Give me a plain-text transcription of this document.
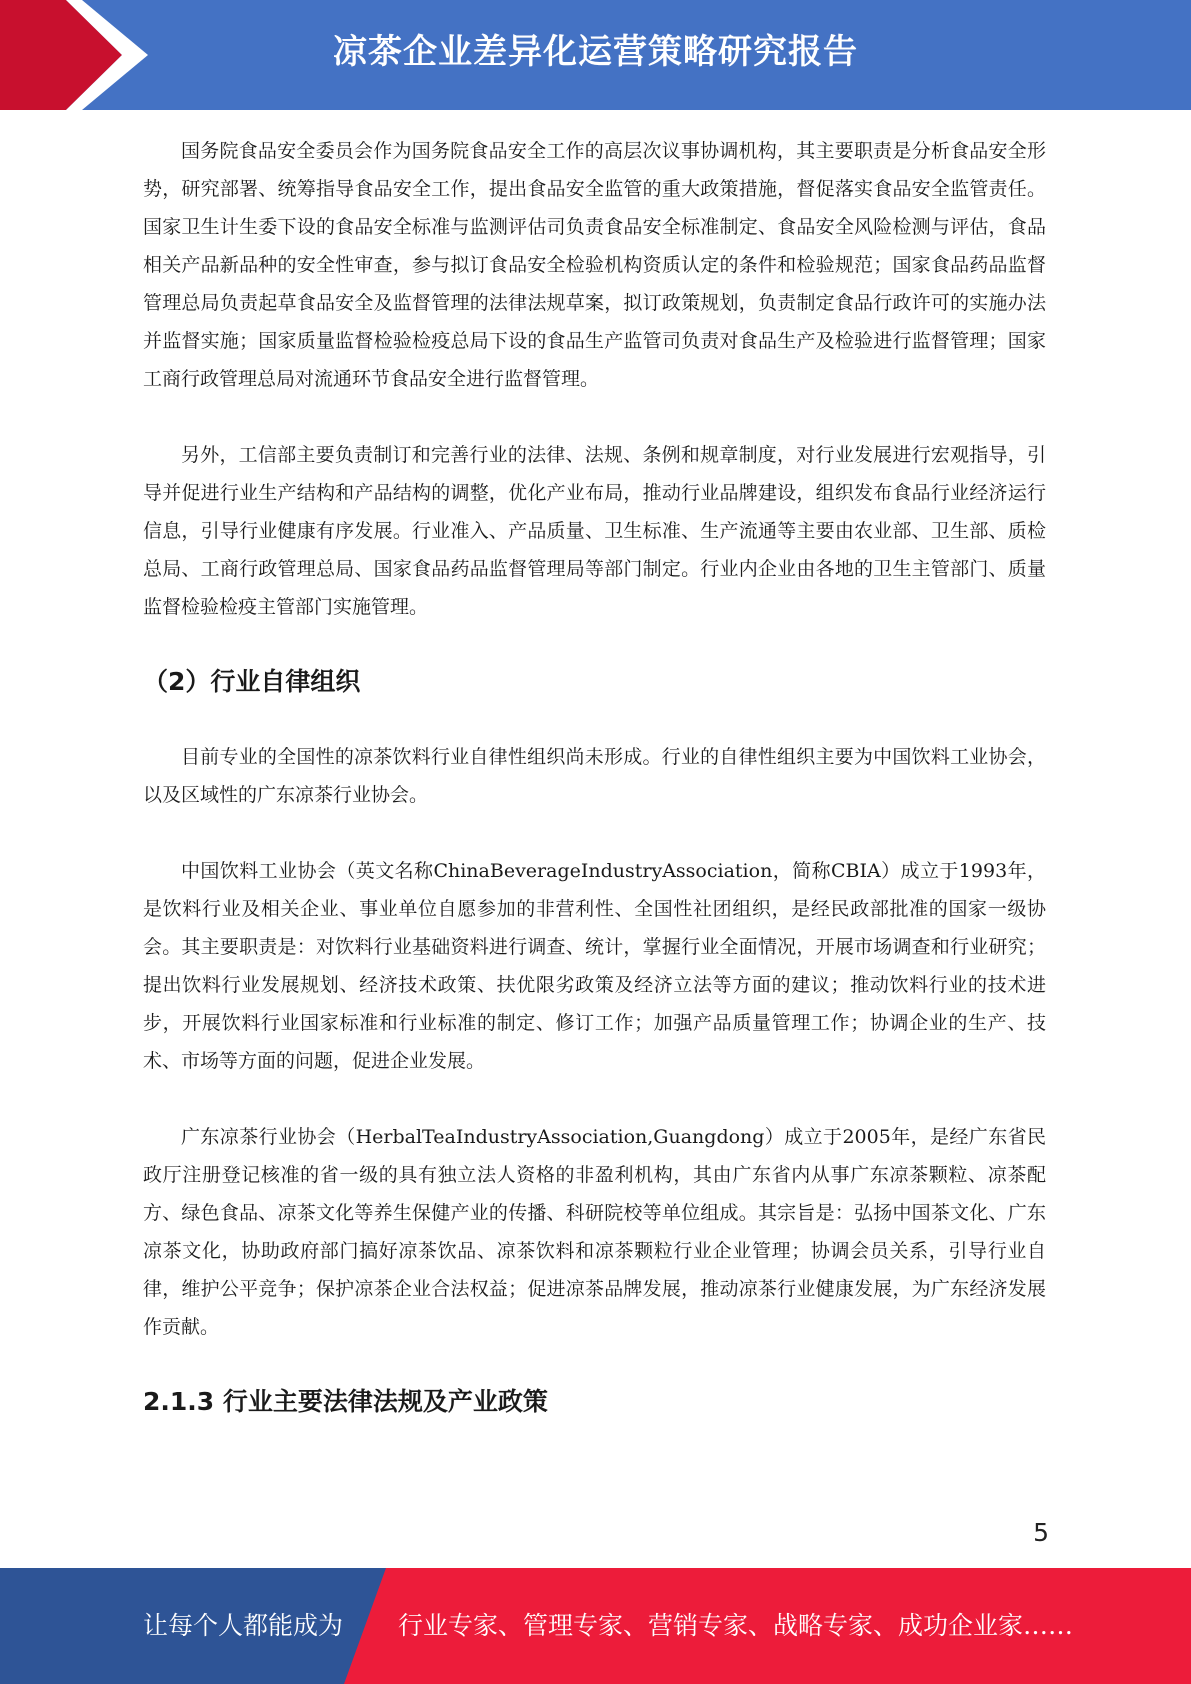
凉茶企业差异化运营策略研究报告

国务院食品安全委员会作为国务院食品安全工作的高层次议事协调机构，其主要职责是分析食品安全形势，研究部署、统筹指导食品安全工作，提出食品安全监管的重大政策措施，督促落实食品安全监管责任。国家卫生计生委下设的食品安全标准与监测评估司负责食品安全标准制定、食品安全风险检测与评估，食品相关产品新品种的安全性审查，参与拟订食品安全检验机构资质认定的条件和检验规范；国家食品药品监督管理总局负责起草食品安全及监督管理的法律法规草案，拟订政策规划，负责制定食品行政许可的实施办法并监督实施；国家质量监督检验检疫总局下设的食品生产监管司负责对食品生产及检验进行监督管理；国家工商行政管理总局对流通环节食品安全进行监督管理。

另外，工信部主要负责制订和完善行业的法律、法规、条例和规章制度，对行业发展进行宏观指导，引导并促进行业生产结构和产品结构的调整，优化产业布局，推动行业品牌建设，组织发布食品行业经济运行信息，引导行业健康有序发展。行业准入、产品质量、卫生标准、生产流通等主要由农业部、卫生部、质检总局、工商行政管理总局、国家食品药品监督管理局等部门制定。行业内企业由各地的卫生主管部门、质量监督检验检疫主管部门实施管理。

（2）行业自律组织

目前专业的全国性的凉茶饮料行业自律性组织尚未形成。行业的自律性组织主要为中国饮料工业协会，以及区域性的广东凉茶行业协会。

中国饮料工业协会（英文名称ChinaBeverageIndustryAssociation，简称CBIA）成立于1993年，是饮料行业及相关企业、事业单位自愿参加的非营利性、全国性社团组织，是经民政部批准的国家一级协会。其主要职责是：对饮料行业基础资料进行调查、统计，掌握行业全面情况，开展市场调查和行业研究；提出饮料行业发展规划、经济技术政策、扶优限劣政策及经济立法等方面的建议；推动饮料行业的技术进步，开展饮料行业国家标准和行业标准的制定、修订工作；加强产品质量管理工作；协调企业的生产、技术、市场等方面的问题，促进企业发展。

广东凉茶行业协会（HerbalTeaIndustryAssociation,Guangdong）成立于2005年，是经广东省民政厅注册登记核准的省一级的具有独立法人资格的非盈利机构，其由广东省内从事广东凉茶颗粒、凉茶配方、绿色食品、凉茶文化等养生保健产业的传播、科研院校等单位组成。其宗旨是：弘扬中国茶文化、广东凉茶文化，协助政府部门搞好凉茶饮品、凉茶饮料和凉茶颗粒行业企业管理；协调会员关系，引导行业自律，维护公平竞争；保护凉茶企业合法权益；促进凉茶品牌发展，推动凉茶行业健康发展，为广东经济发展作贡献。

2.1.3 行业主要法律法规及产业政策
5
让每个人都能成为 行业专家、管理专家、营销专家、战略专家、成功企业家……
